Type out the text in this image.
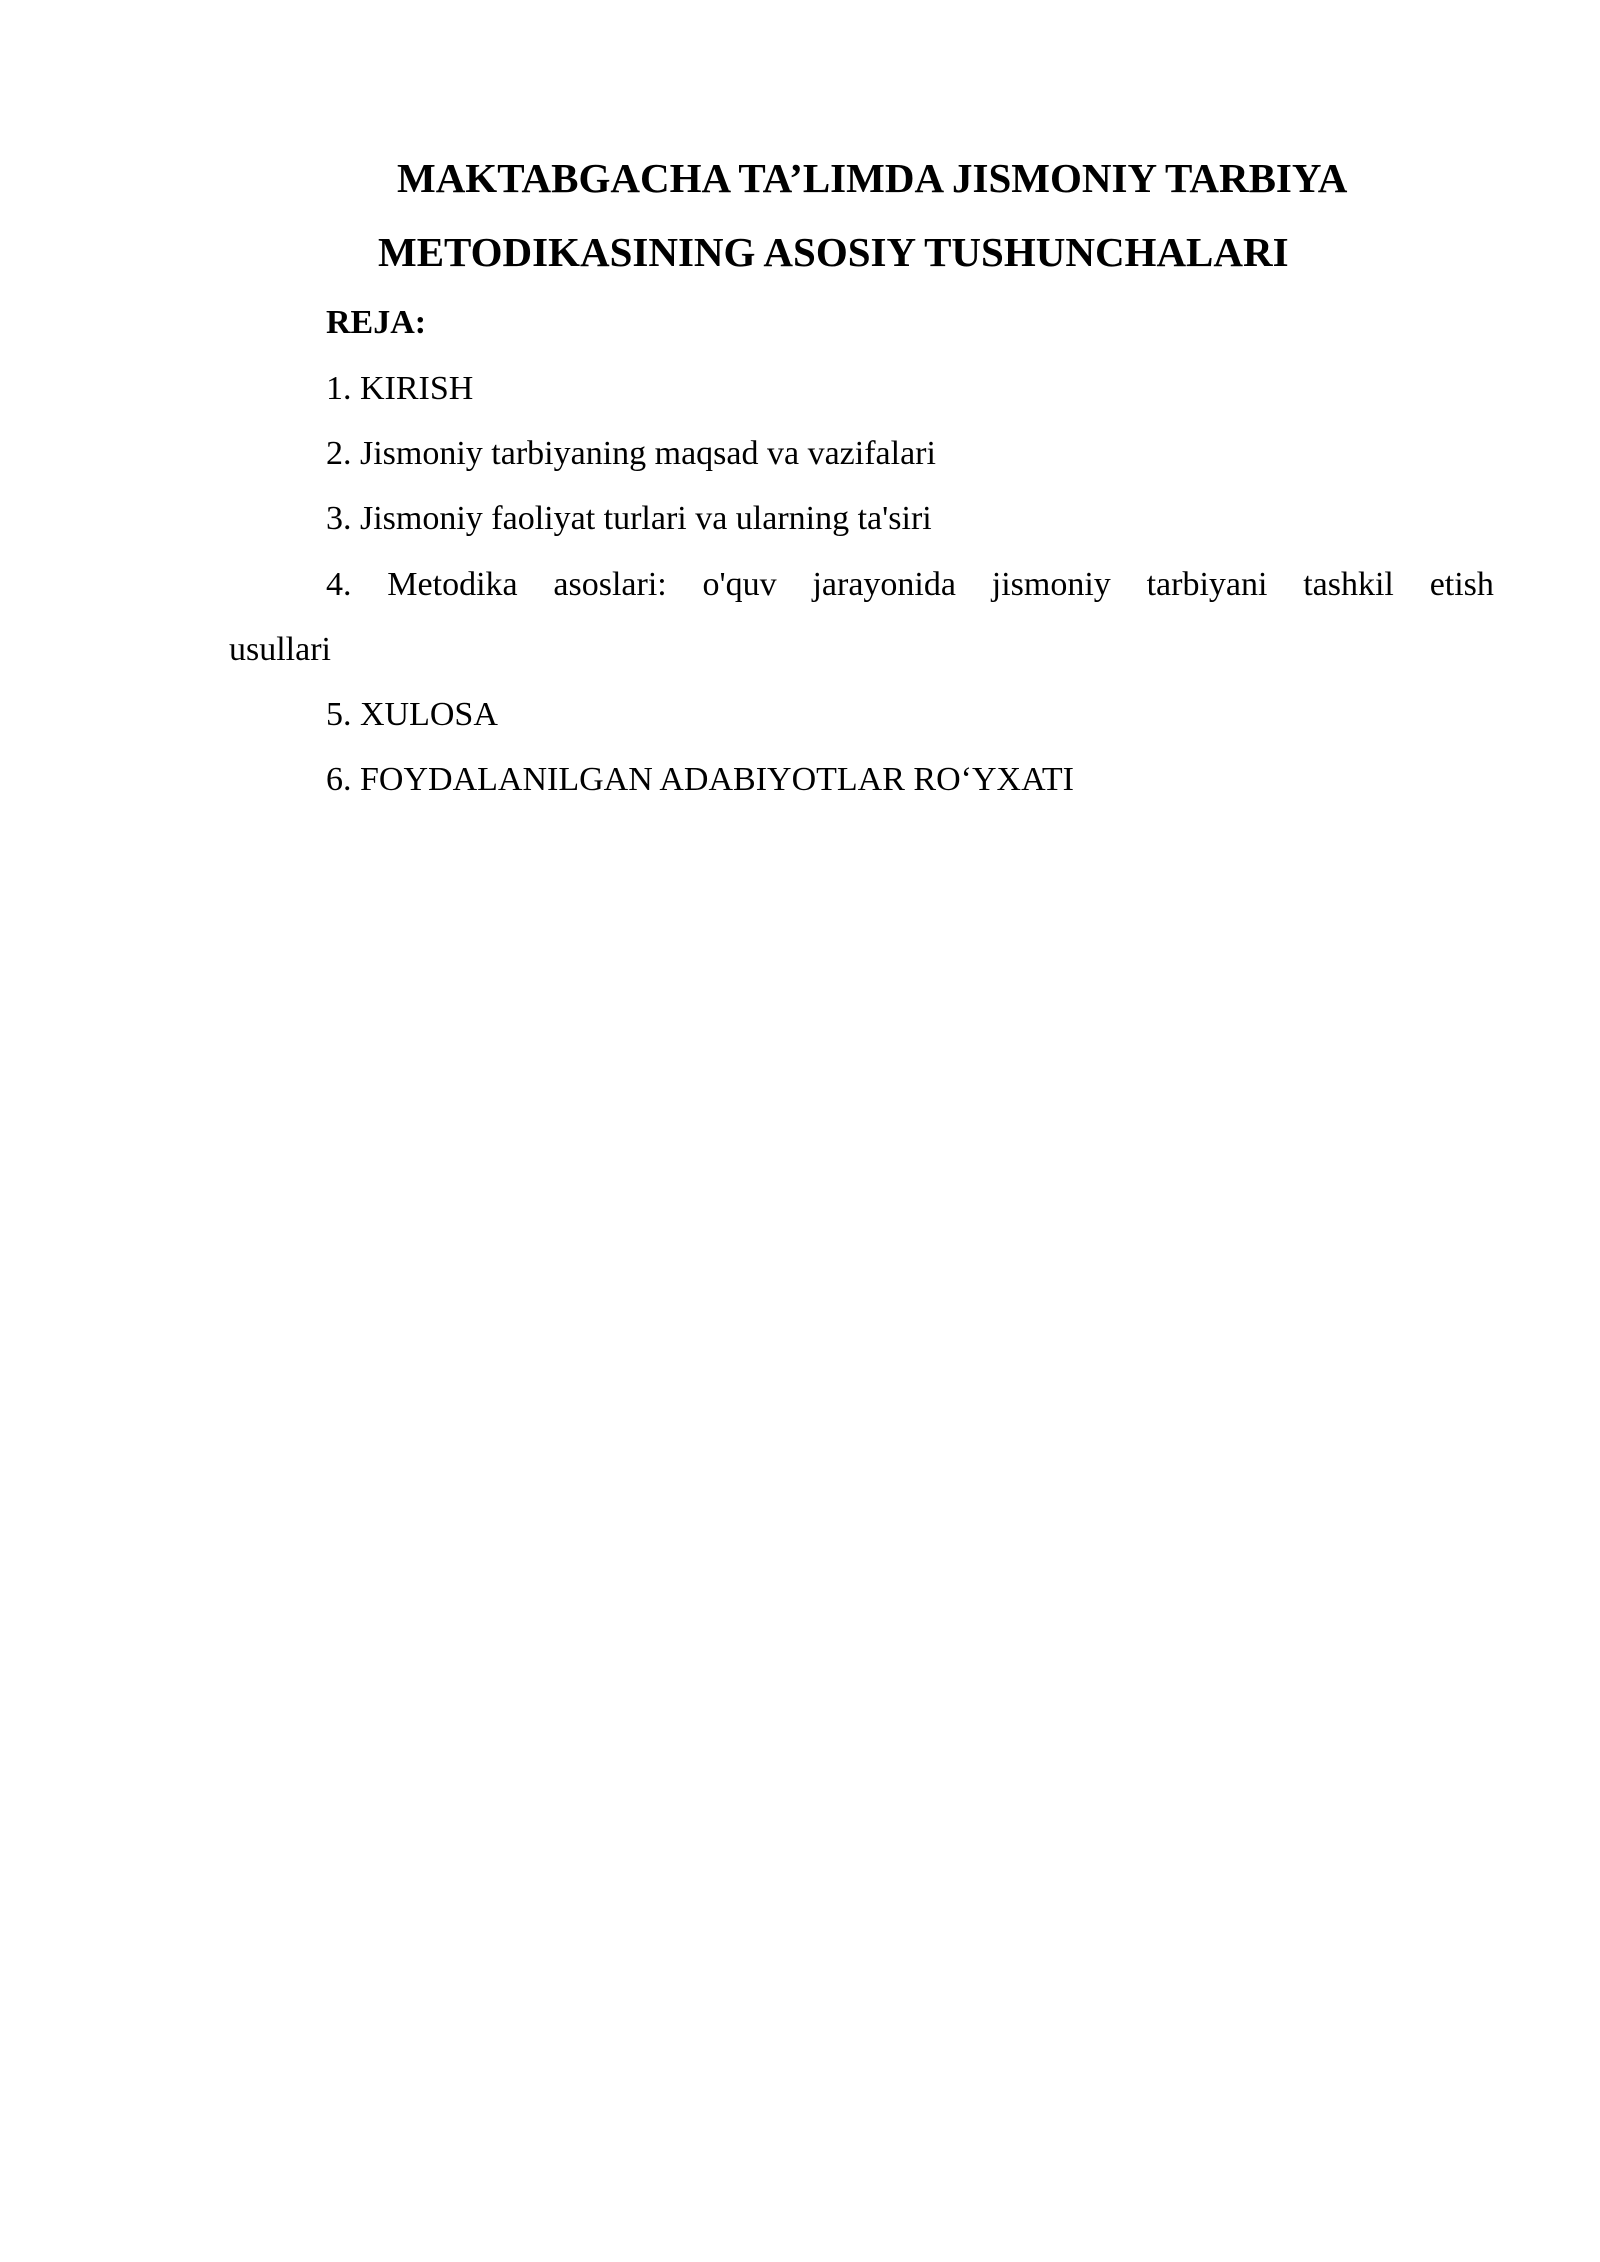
MAKTABGACHA TA’LIMDA JISMONIY TARBIYA
METODIKASINING ASOSIY TUSHUNCHALARI
REJA:
1. KIRISH
2. Jismoniy tarbiyaning maqsad va vazifalari
3. Jismoniy faoliyat turlari va ularning ta'siri
4. Metodika asoslari: o'quv jarayonida jismoniy tarbiyani tashkil etish
usullari
5. XULOSA
6. FOYDALANILGAN ADABIYOTLAR RO‘YXATI
